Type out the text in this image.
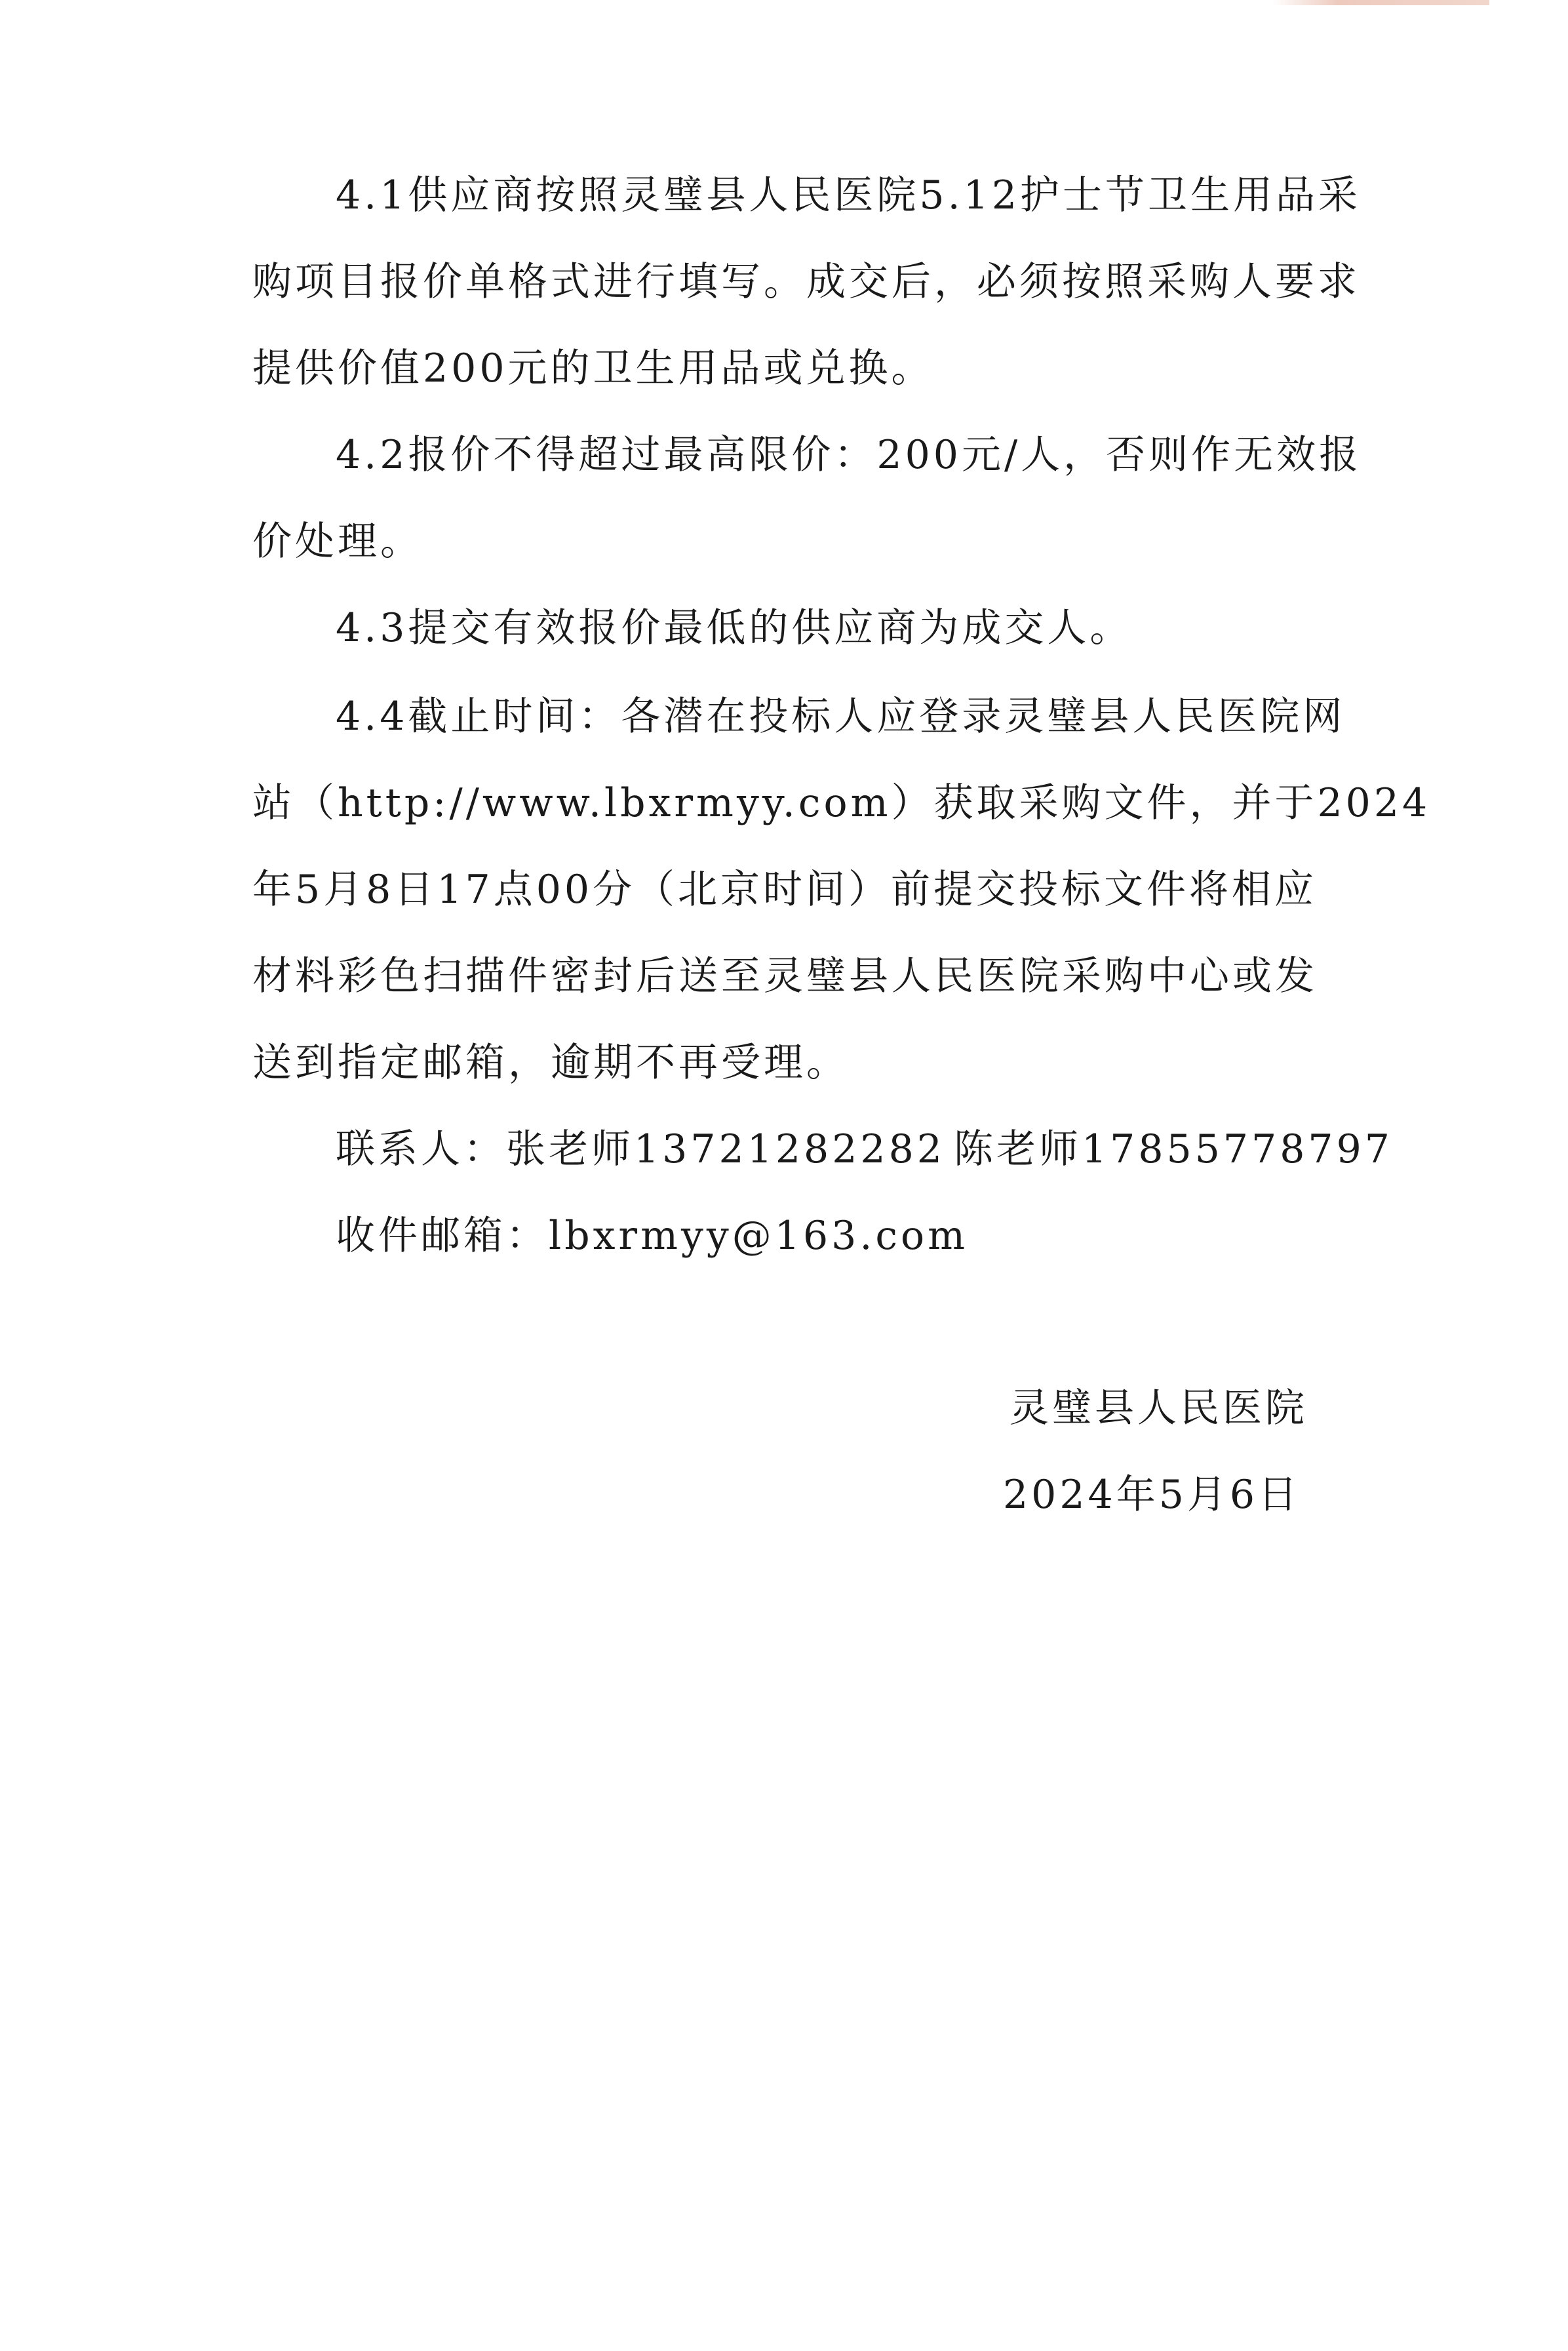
4.1供应商按照灵璧县人民医院5.12护士节卫生用品采
购项目报价单格式进行填写。成交后，必须按照采购人要求
提供价值200元的卫生用品或兑换。
4.2报价不得超过最高限价：200元/人，否则作无效报
价处理。
4.3提交有效报价最低的供应商为成交人。
4.4截止时间：各潜在投标人应登录灵璧县人民医院网
站（http://www.lbxrmyy.com）获取采购文件，并于2024
年5月8日17点00分（北京时间）前提交投标文件将相应
材料彩色扫描件密封后送至灵璧县人民医院采购中心或发
送到指定邮箱，逾期不再受理。
联系人：张老师13721282282 陈老师17855778797
收件邮箱：lbxrmyy@163.com
灵璧县人民医院
2024年5月6日
